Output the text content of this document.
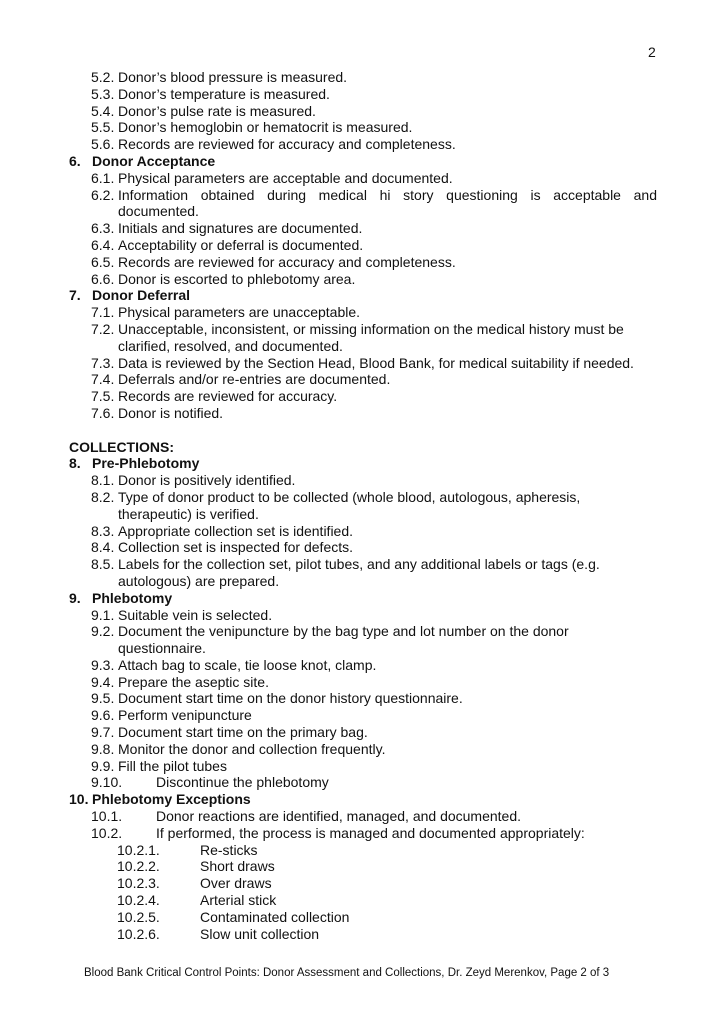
2
5.2. Donor’s blood pressure is measured.
5.3. Donor’s temperature is measured.
5.4. Donor’s pulse rate is measured.
5.5. Donor’s hemoglobin or hematocrit is measured.
5.6. Records are reviewed for accuracy and completeness.
6. Donor Acceptance
6.1. Physical parameters are acceptable and documented.
6.2. Information obtained during medical hi story questioning is acceptable and
documented.
6.3. Initials and signatures are documented.
6.4. Acceptability or deferral is documented.
6.5. Records are reviewed for accuracy and completeness.
6.6. Donor is escorted to phlebotomy area.
7. Donor Deferral
7.1. Physical parameters are unacceptable.
7.2. Unacceptable, inconsistent, or missing information on the medical history must be
clarified, resolved, and documented.
7.3. Data is reviewed by the Section Head, Blood Bank, for medical suitability if needed.
7.4. Deferrals and/or re-entries are documented.
7.5. Records are reviewed for accuracy.
7.6. Donor is notified.
COLLECTIONS:
8. Pre-Phlebotomy
8.1. Donor is positively identified.
8.2. Type of donor product to be collected (whole blood, autologous, apheresis,
therapeutic) is verified.
8.3. Appropriate collection set is identified.
8.4. Collection set is inspected for defects.
8.5. Labels for the collection set, pilot tubes, and any additional labels or tags (e.g.
autologous) are prepared.
9. Phlebotomy
9.1. Suitable vein is selected.
9.2. Document the venipuncture by the bag type and lot number on the donor
questionnaire.
9.3. Attach bag to scale, tie loose knot, clamp.
9.4. Prepare the aseptic site.
9.5. Document start time on the donor history questionnaire.
9.6. Perform venipuncture
9.7. Document start time on the primary bag.
9.8. Monitor the donor and collection frequently.
9.9. Fill the pilot tubes
9.10.	Discontinue the phlebotomy
10. Phlebotomy Exceptions
10.1.	Donor reactions are identified, managed, and documented.
10.2.	If performed, the process is managed and documented appropriately:
10.2.1.	Re-sticks
10.2.2.	Short draws
10.2.3.	Over draws
10.2.4.	Arterial stick
10.2.5.	Contaminated collection
10.2.6.	Slow unit collection
Blood Bank Critical Control Points: Donor Assessment and Collections, Dr. Zeyd Merenkov, Page 2 of 3
